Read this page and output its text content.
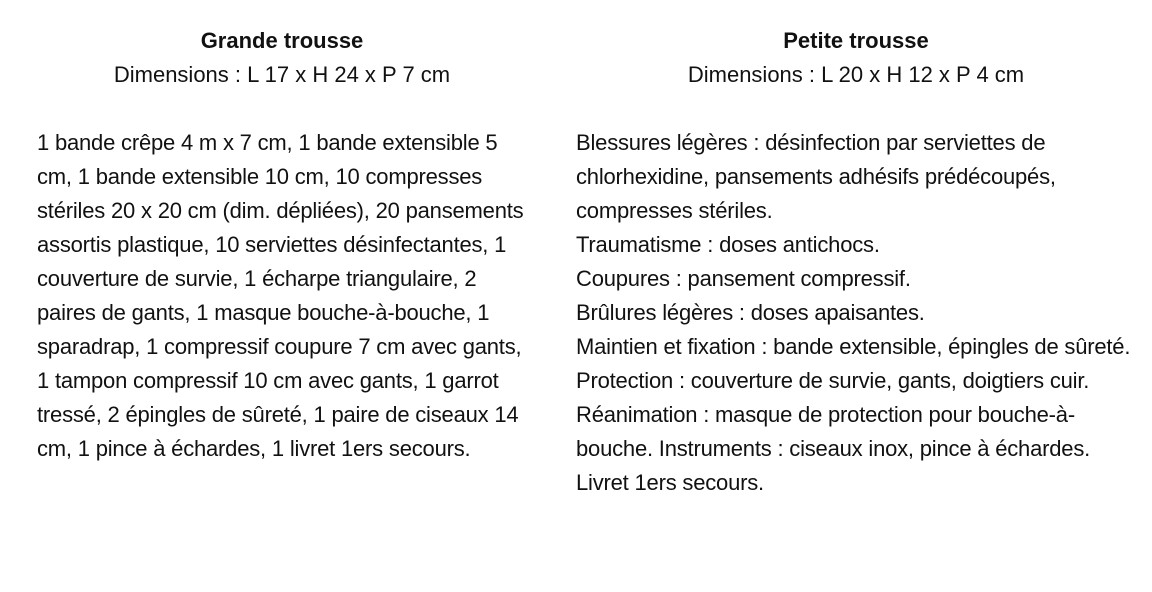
Grande trousse
Dimensions : L 17 x H 24 x P 7 cm

1 bande crêpe 4 m x 7 cm, 1 bande extensible 5 cm, 1 bande extensible 10 cm, 10 compresses stériles 20 x 20 cm (dim. dépliées), 20 pansements assortis plastique, 10 serviettes désinfectantes, 1 couverture de survie, 1 écharpe triangulaire, 2 paires de gants, 1 masque bouche-à-bouche, 1 sparadrap, 1 compressif coupure 7 cm avec gants, 1 tampon compressif 10 cm avec gants, 1 garrot tressé, 2 épingles de sûreté, 1 paire de ciseaux 14 cm, 1 pince à échardes, 1 livret 1ers secours.

Petite trousse
Dimensions : L 20 x H 12 x P 4 cm

Blessures légères : désinfection par serviettes de chlorhexidine, pansements adhésifs prédécoupés, compresses stériles.

Traumatisme : doses antichocs.

Coupures : pansement compressif.

Brûlures légères : doses apaisantes.

Maintien et fixation : bande extensible, épingles de sûreté. Protection : couverture de survie, gants, doigtiers cuir. Réanimation : masque de protection pour bouche-à-bouche. Instruments : ciseaux inox, pince à échardes. Livret 1ers secours.
